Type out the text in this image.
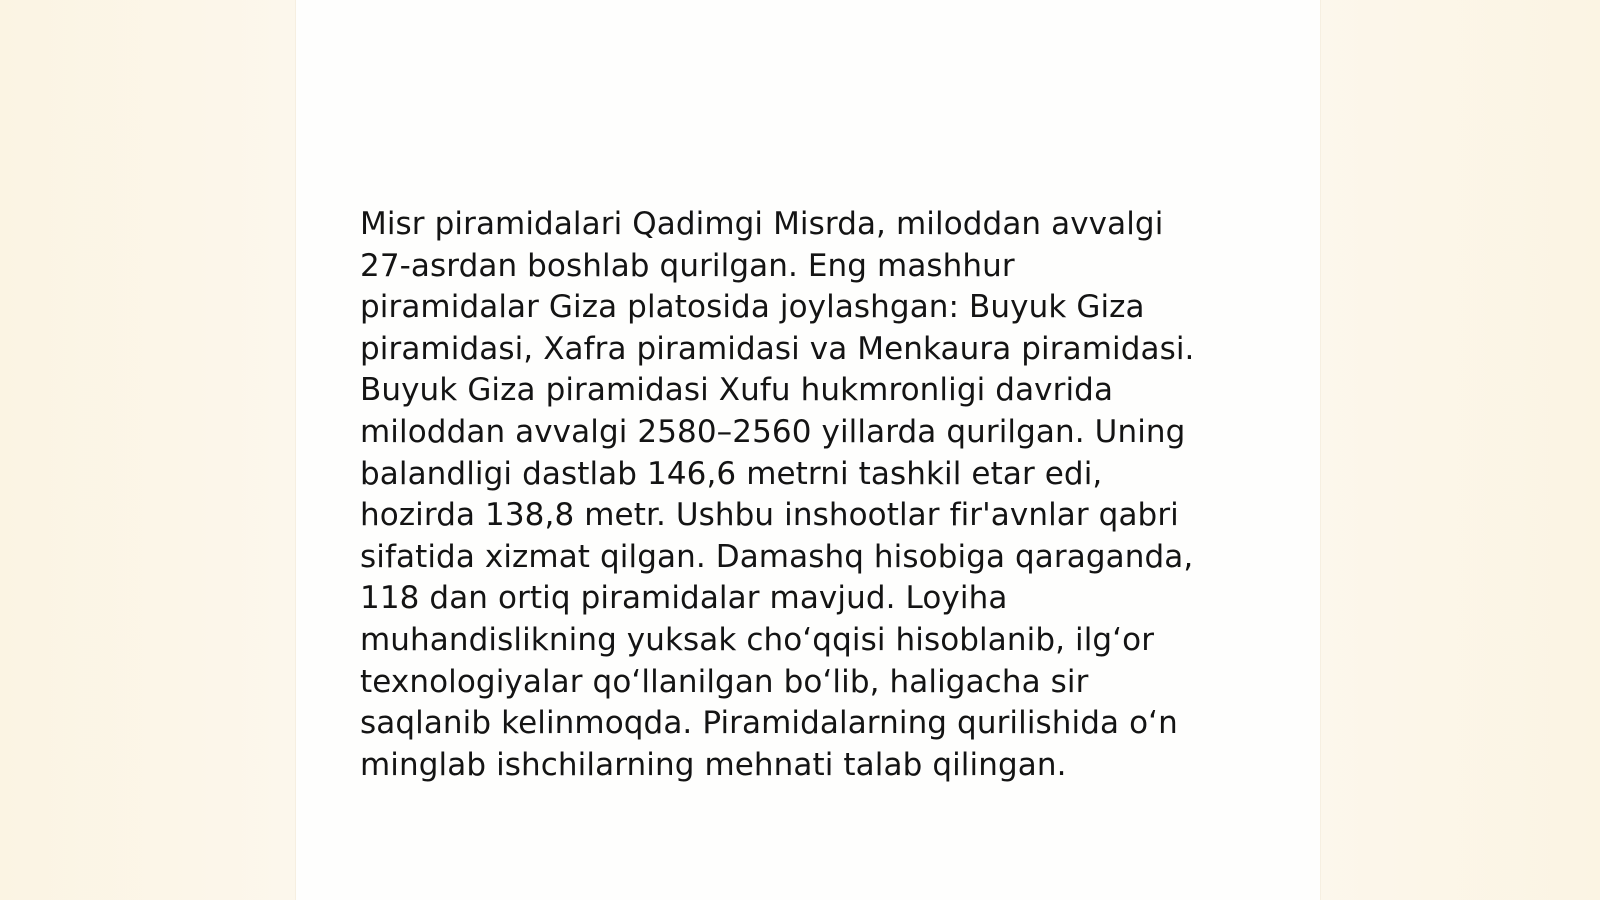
Misr piramidalari Qadimgi Misrda, miloddan avvalgi
27-asrdan boshlab qurilgan. Eng mashhur
piramidalar Giza platosida joylashgan: Buyuk Giza
piramidasi, Xafra piramidasi va Menkaura piramidasi.
Buyuk Giza piramidasi Xufu hukmronligi davrida
miloddan avvalgi 2580–2560 yillarda qurilgan. Uning
balandligi dastlab 146,6 metrni tashkil etar edi,
hozirda 138,8 metr. Ushbu inshootlar fir'avnlar qabri
sifatida xizmat qilgan. Damashq hisobiga qaraganda,
118 dan ortiq piramidalar mavjud. Loyiha
muhandislikning yuksak choʻqqisi hisoblanib, ilgʻor
texnologiyalar qoʻllanilgan boʻlib, haligacha sir
saqlanib kelinmoqda. Piramidalarning qurilishida oʻn
minglab ishchilarning mehnati talab qilingan.
